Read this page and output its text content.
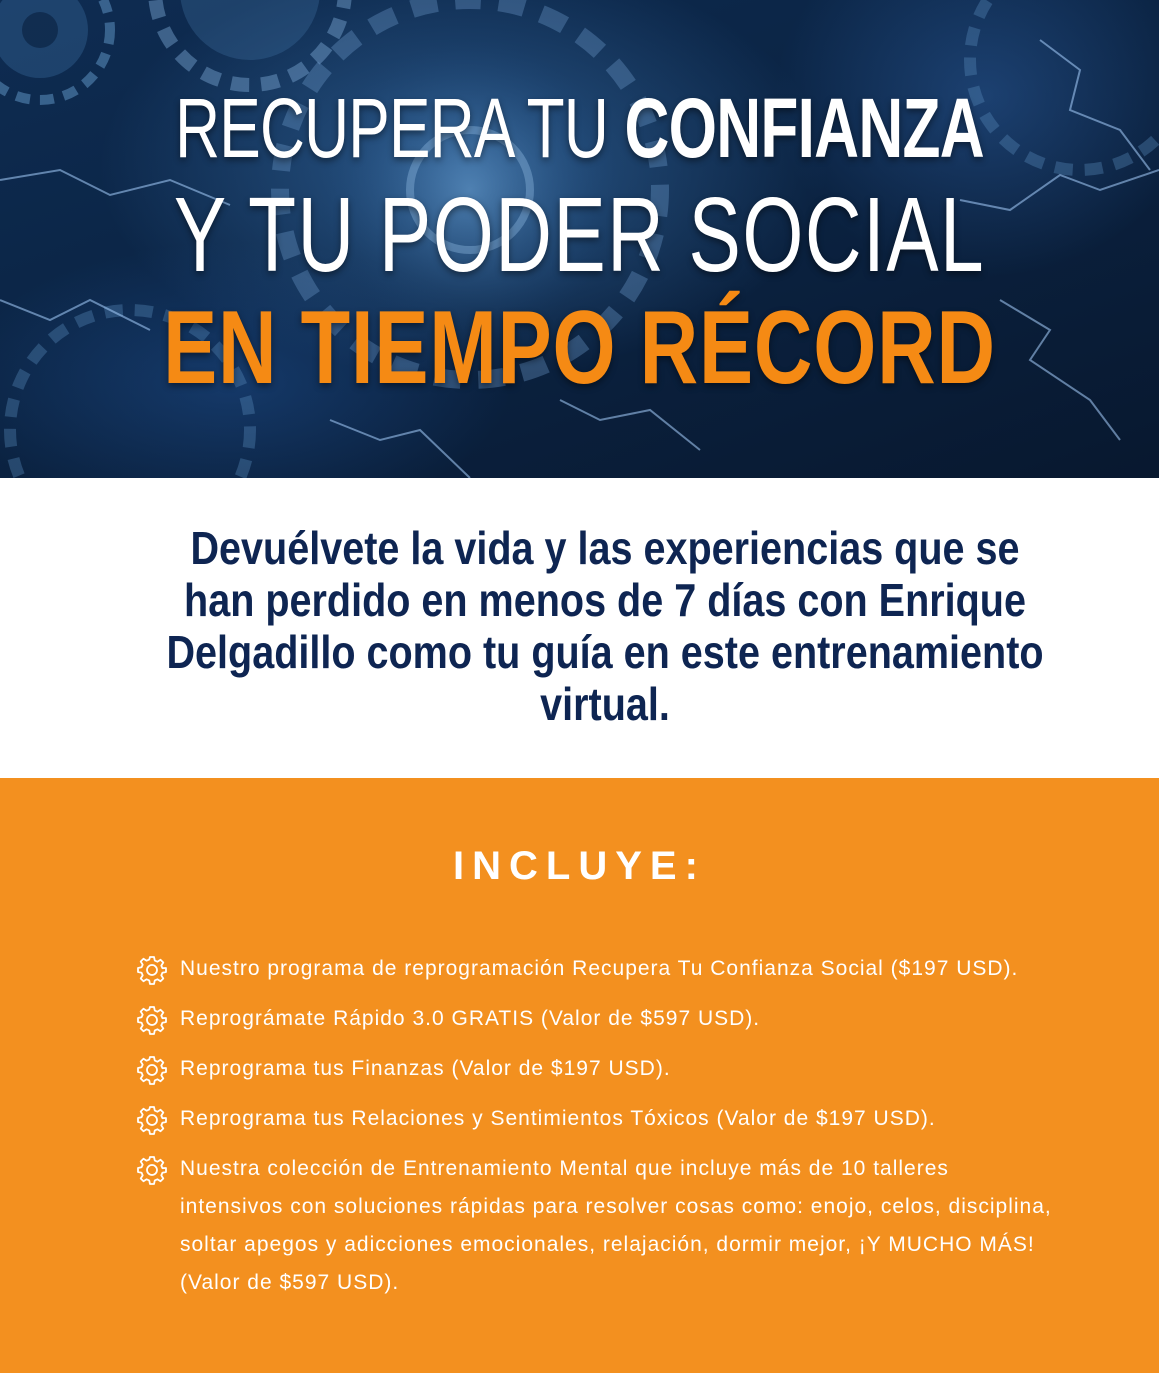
RECUPERA TU CONFIANZA
Y TU PODER SOCIAL
EN TIEMPO RÉCORD
Devuélvete la vida y las experiencias que se han perdido en menos de 7 días con Enrique Delgadillo como tu guía en este entrenamiento virtual.
INCLUYE:
Nuestro programa de reprogramación Recupera Tu Confianza Social ($197 USD).
Reprográmate Rápido 3.0 GRATIS (Valor de $597 USD).
Reprograma tus Finanzas (Valor de $197 USD).
Reprograma tus Relaciones y Sentimientos Tóxicos (Valor de $197 USD).
Nuestra colección de Entrenamiento Mental que incluye más de 10 talleres intensivos con soluciones rápidas para resolver cosas como: enojo, celos, disciplina, soltar apegos y adicciones emocionales, relajación, dormir mejor, ¡Y MUCHO MÁS! (Valor de $597 USD).
